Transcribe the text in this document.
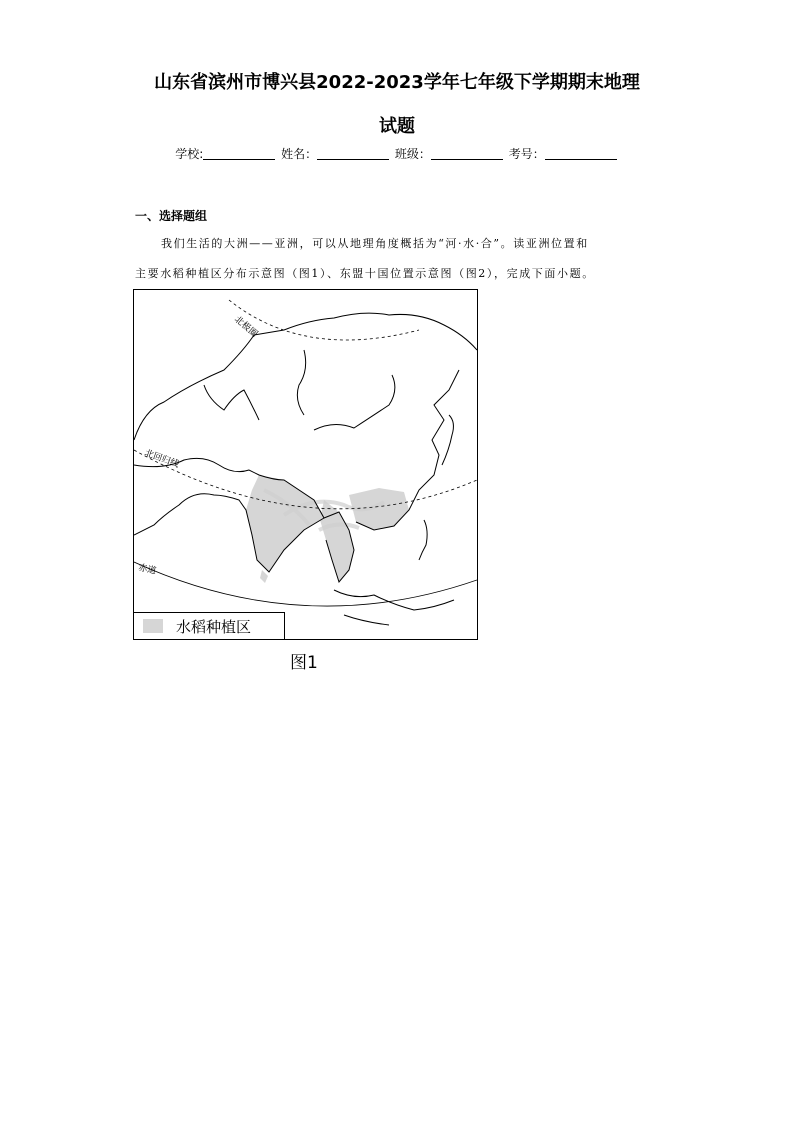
山东省滨州市博兴县2022-2023学年七年级下学期期末地理
试题
学校:	姓名：	班级：	考号：
一、选择题组
我们生活的大洲——亚洲，可以从地理角度概括为“河·水·合”。读亚洲位置和
主要水稻种植区分布示意图（图1）、东盟十国位置示意图（图2），完成下面小题。
北极圈
北回归线
赤道
水稻种植区
图1
